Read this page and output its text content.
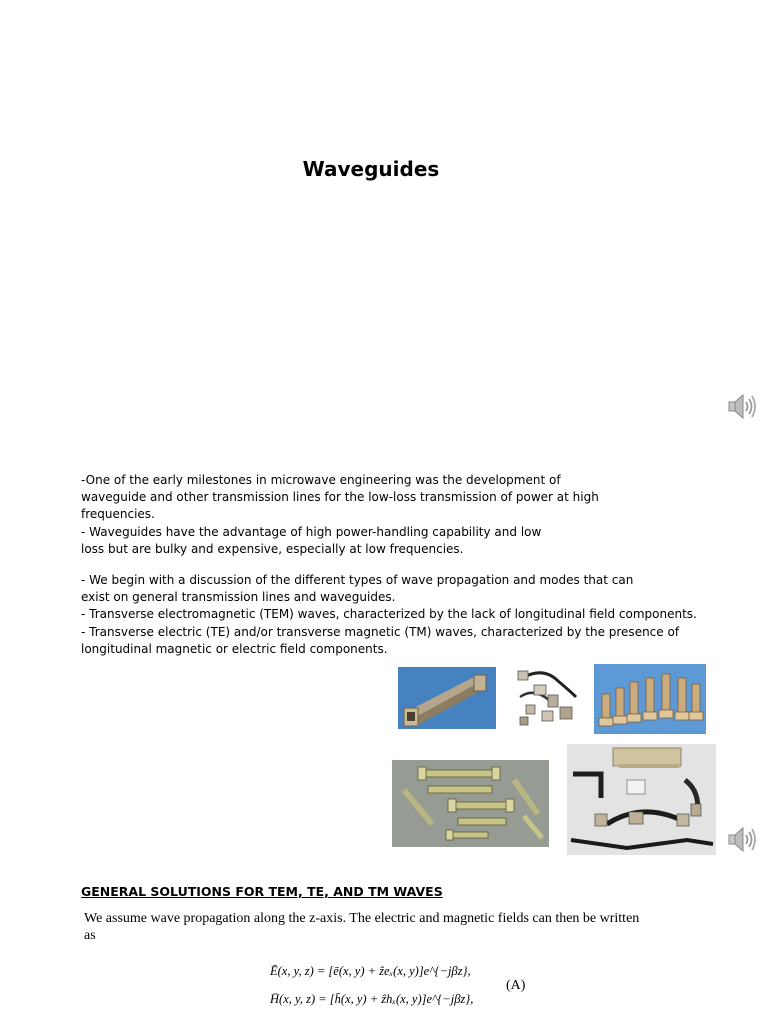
Waveguides
-One of the early milestones in microwave engineering was the development of
waveguide and other transmission lines for the low-loss transmission of power at high
frequencies.
- Waveguides have the advantage of high power-handling capability and low
loss but are bulky and expensive, especially at low frequencies.
- We begin with a discussion of the different types of wave propagation and modes that can
exist on general transmission lines and waveguides.
- Transverse electromagnetic (TEM) waves, characterized by the lack of longitudinal field components.
- Transverse electric (TE) and/or transverse magnetic (TM) waves, characterized by the presence of
longitudinal magnetic or electric field components.
GENERAL SOLUTIONS FOR TEM, TE, AND TM WAVES
We assume wave propagation along the z-axis. The electric and magnetic fields can then be written as
Ē(x, y, z) = [ē(x, y) + ẑeₓ(x, y)]e^{−jβz},
H̄(x, y, z) = [h̄(x, y) + ẑhₓ(x, y)]e^{−jβz},
(A)
